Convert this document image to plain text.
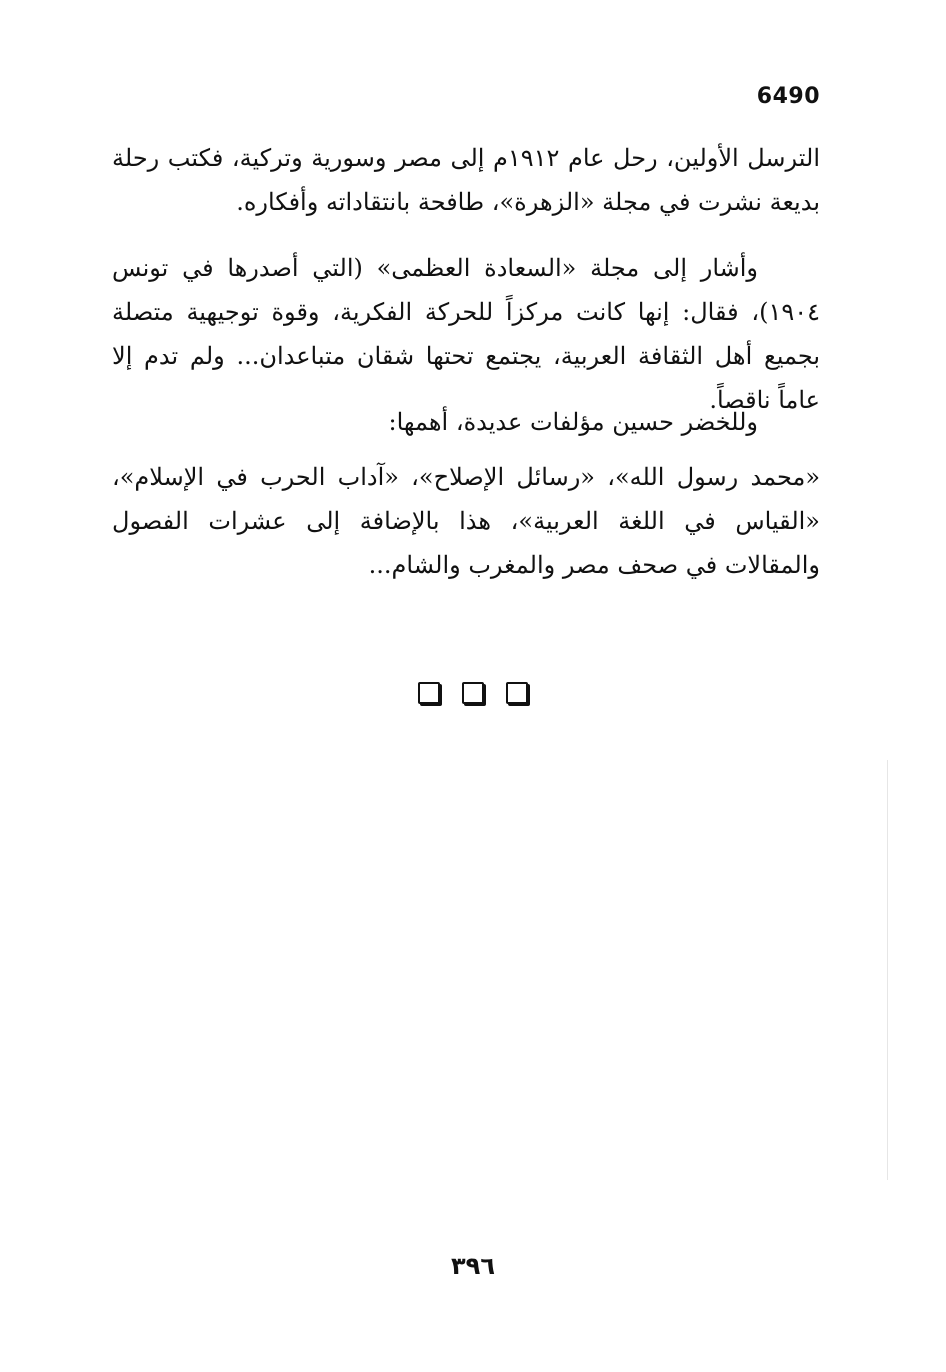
6490

الترسل الأولين، رحل عام ١٩١٢م إلى مصر وسورية وتركية، فكتب رحلة بديعة نشرت في مجلة «الزهرة»، طافحة بانتقاداته وأفكاره.

وأشار إلى مجلة «السعادة العظمى» (التي أصدرها في تونس ١٩٠٤)، فقال: إنها كانت مركزاً للحركة الفكرية، وقوة توجيهية متصلة بجميع أهل الثقافة العربية، يجتمع تحتها شقان متباعدان... ولم تدم إلا عاماً ناقصاً.

وللخضر حسين مؤلفات عديدة، أهمها:

«محمد رسول الله»، «رسائل الإصلاح»، «آداب الحرب في الإسلام»، «القياس في اللغة العربية»، هذا بالإضافة إلى عشرات الفصول والمقالات في صحف مصر والمغرب والشام...

٣٩٦
